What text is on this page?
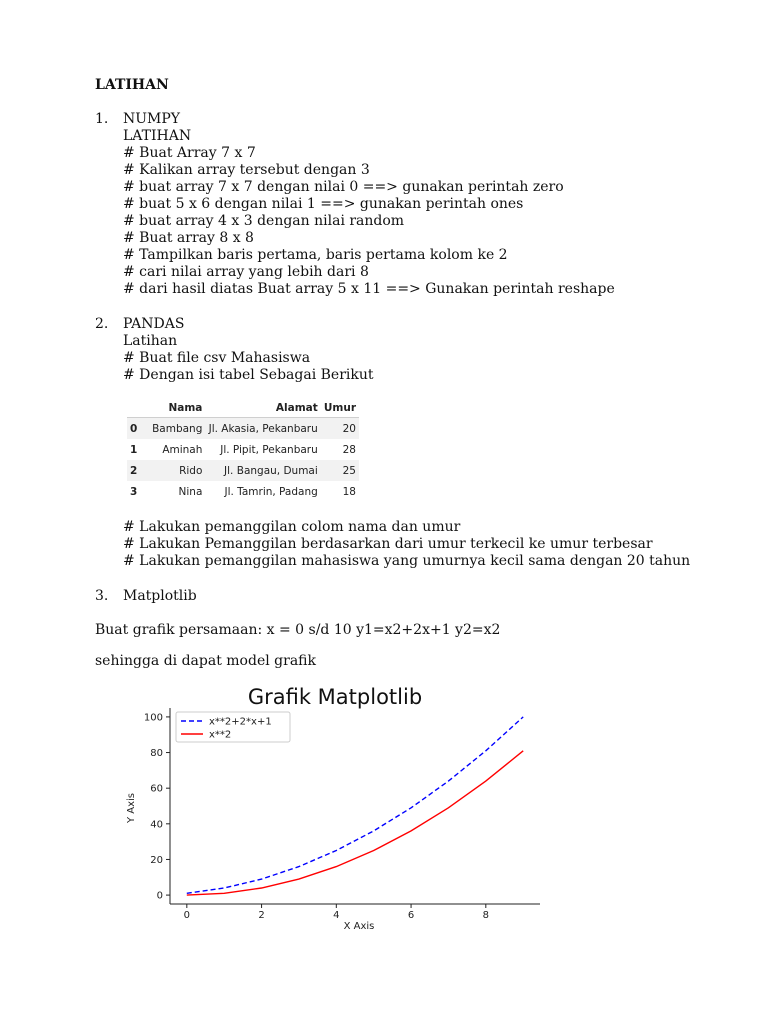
LATIHAN
1. NUMPY
LATIHAN
# Buat Array 7 x 7
# Kalikan array tersebut dengan 3
# buat array 7 x 7 dengan nilai 0 ==> gunakan perintah zero
# buat 5 x 6 dengan nilai 1 ==> gunakan perintah ones
# buat array 4 x 3 dengan nilai random
# Buat array 8 x 8
# Tampilkan baris pertama, baris pertama kolom ke 2
# cari nilai array yang lebih dari 8
# dari hasil diatas Buat array 5 x 11 ==> Gunakan perintah reshape
2. PANDAS
Latihan
# Buat file csv Mahasiswa
# Dengan isi tabel Sebagai Berikut
	Nama	Alamat	Umur
0	Bambang	Jl. Akasia, Pekanbaru	20
1	Aminah	Jl. Pipit, Pekanbaru	28
2	Rido	Jl. Bangau, Dumai	25
3	Nina	Jl. Tamrin, Padang	18
# Lakukan pemanggilan colom nama dan umur
# Lakukan Pemanggilan berdasarkan dari umur terkecil ke umur terbesar
# Lakukan pemanggilan mahasiswa yang umurnya kecil sama dengan 20 tahun
3. Matplotlib
Buat grafik persamaan: x = 0 s/d 10 y1=x2+2x+1 y2=x2
sehingga di dapat model grafik
Grafik Matplotlib
0
20
40
60
80
100
0	2	4	6	8
x**2+2*x+1
x**2
X Axis
Y Axis
